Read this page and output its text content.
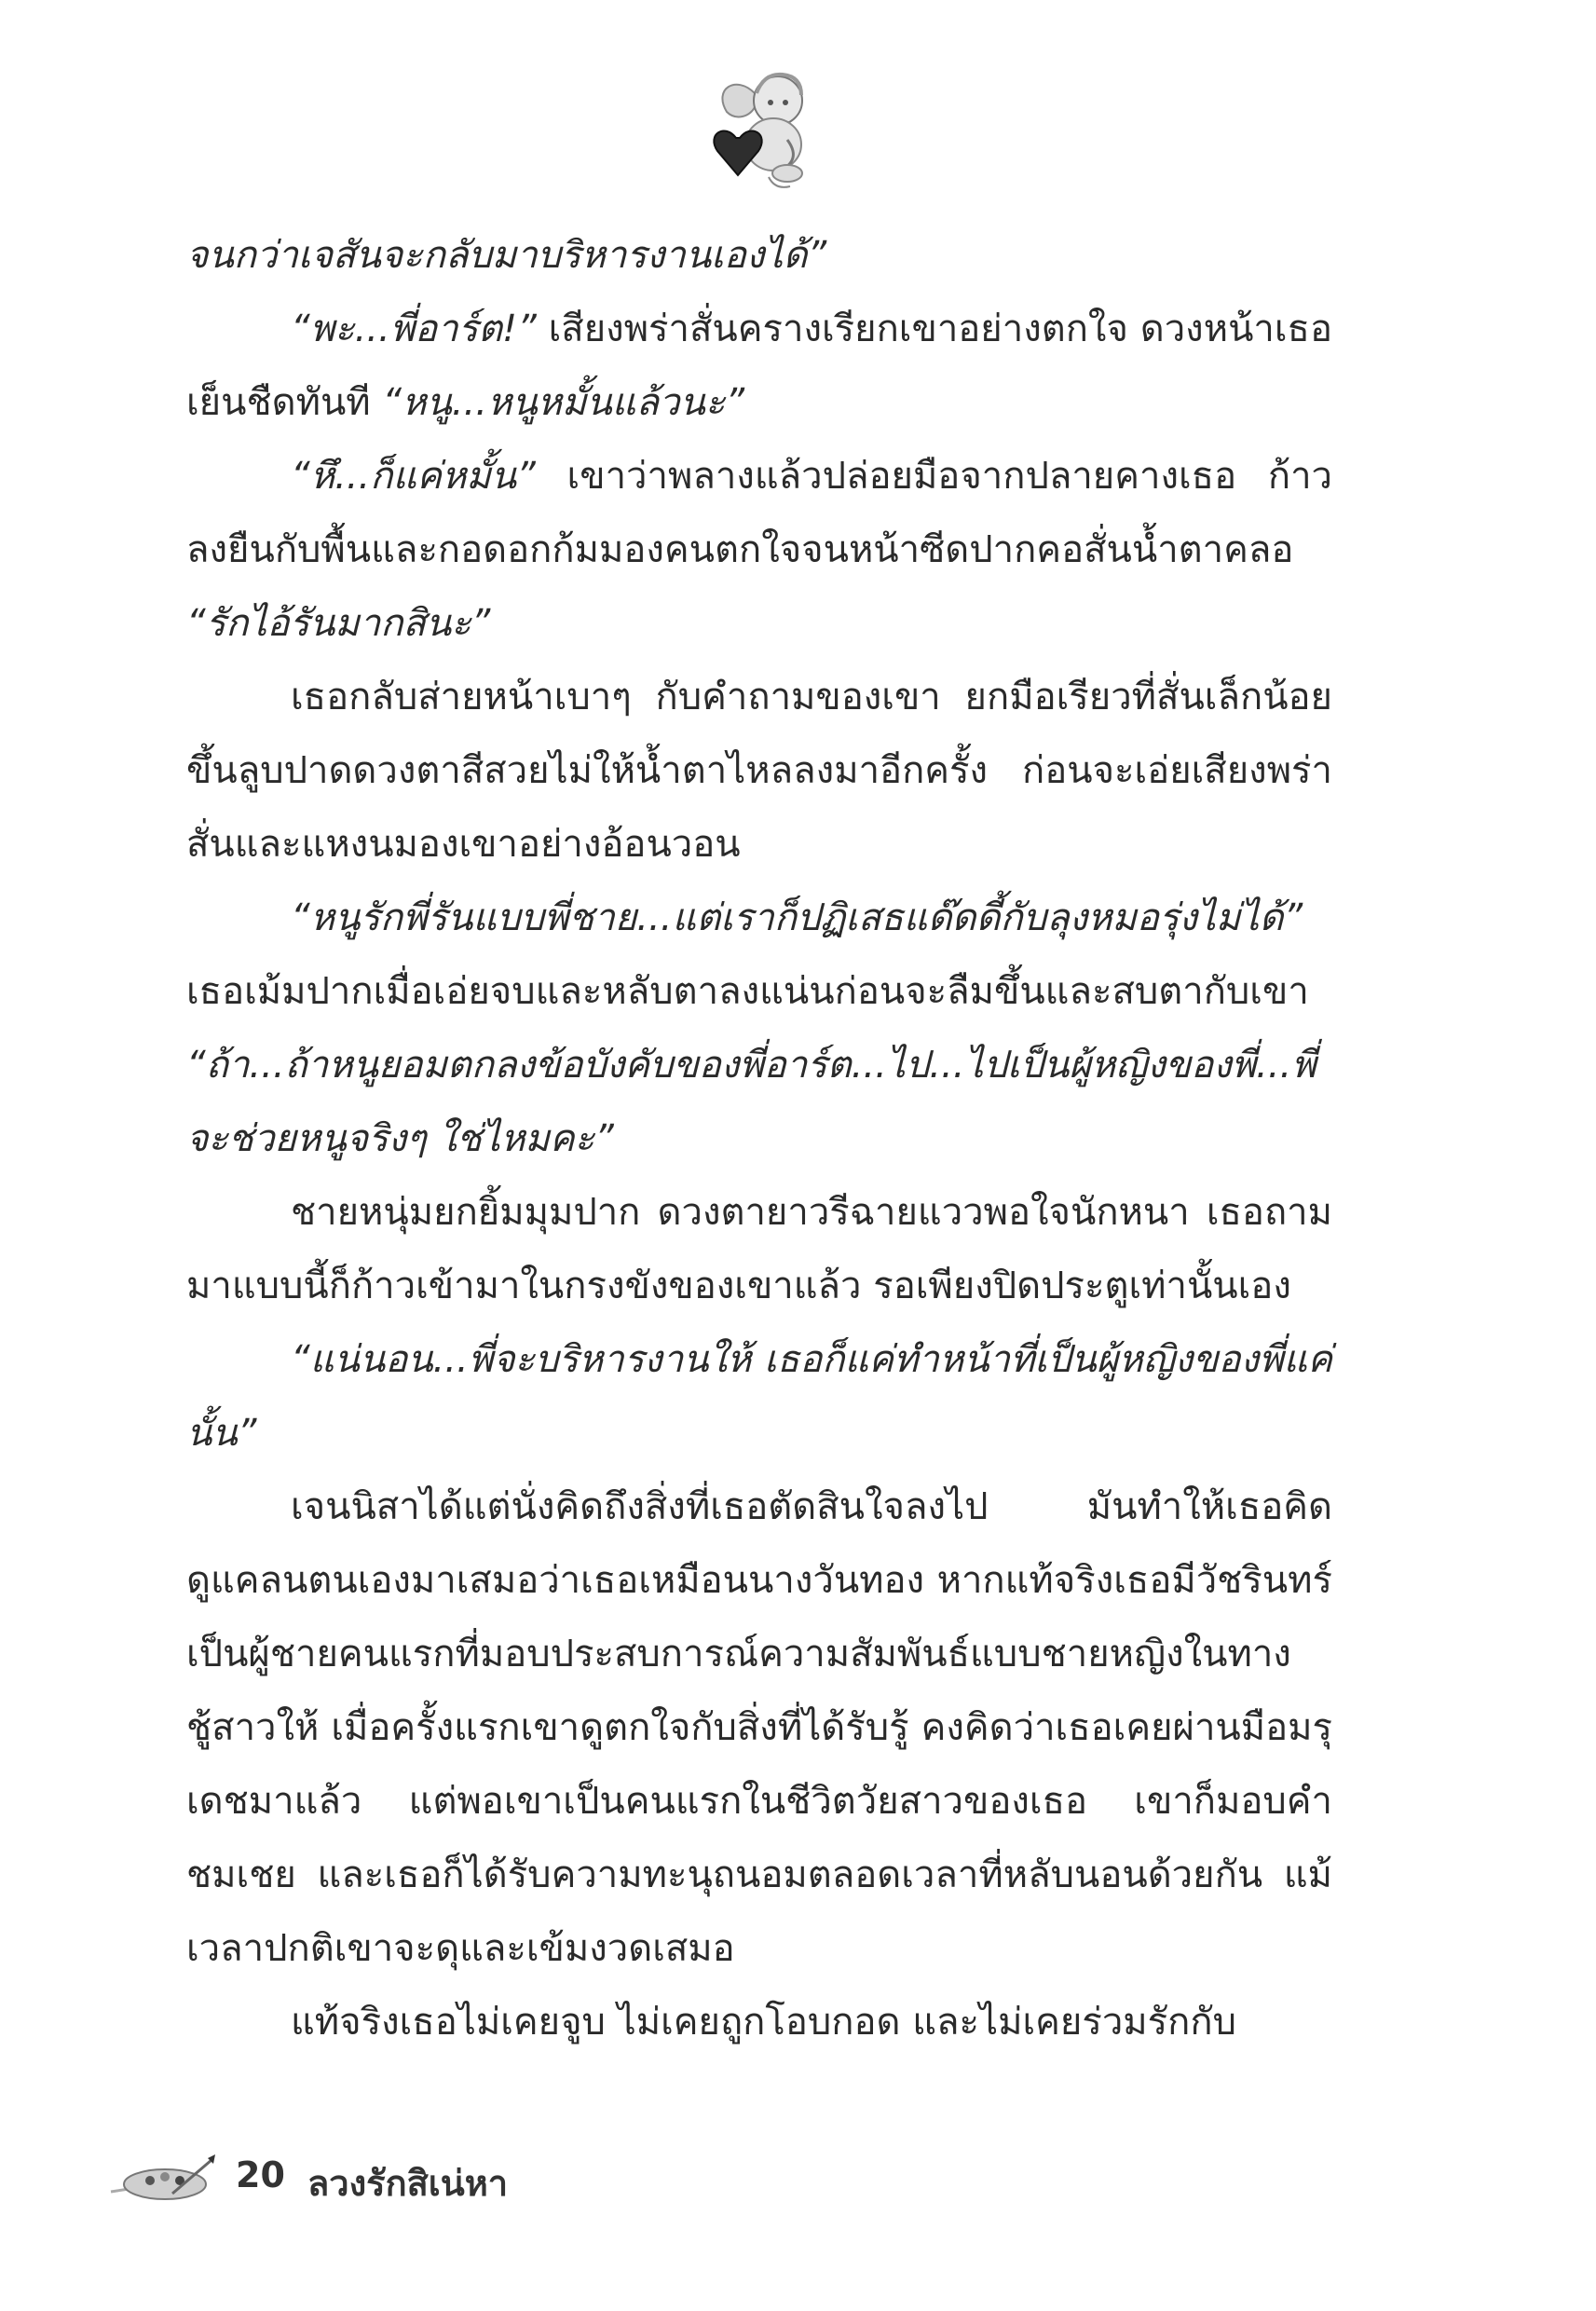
จนกว่าเจสันจะกลับมาบริหารงานเองได้”

“พะ...พี่อาร์ต!” เสียงพร่าสั่นครางเรียกเขาอย่างตกใจ ดวงหน้าเธอเย็นชืดทันที “หนู...หนูหมั้นแล้วนะ”

“หึ...ก็แค่หมั้น” เขาว่าพลางแล้วปล่อยมือจากปลายคางเธอ ก้าวลงยืนกับพื้นและกอดอกก้มมองคนตกใจจนหน้าซีดปากคอสั่นน้ำตาคลอ “รักไอ้รันมากสินะ”

เธอกลับส่ายหน้าเบาๆ กับคำถามของเขา ยกมือเรียวที่สั่นเล็กน้อยขึ้นลูบปาดดวงตาสีสวยไม่ให้น้ำตาไหลลงมาอีกครั้ง ก่อนจะเอ่ยเสียงพร่าสั่นและแหงนมองเขาอย่างอ้อนวอน

“หนูรักพี่รันแบบพี่ชาย...แต่เราก็ปฏิเสธแด๊ดดี้กับลุงหมอรุ่งไม่ได้”

เธอเม้มปากเมื่อเอ่ยจบและหลับตาลงแน่นก่อนจะลืมขึ้นและสบตากับเขา “ถ้า...ถ้าหนูยอมตกลงข้อบังคับของพี่อาร์ต...ไป...ไปเป็นผู้หญิงของพี่...พี่จะช่วยหนูจริงๆ ใช่ไหมคะ”

ชายหนุ่มยกยิ้มมุมปาก ดวงตายาวรีฉายแววพอใจนักหนา เธอถามมาแบบนี้ก็ก้าวเข้ามาในกรงขังของเขาแล้ว รอเพียงปิดประตูเท่านั้นเอง

“แน่นอน...พี่จะบริหารงานให้ เธอก็แค่ทำหน้าที่เป็นผู้หญิงของพี่แค่นั้น”

เจนนิสาได้แต่นั่งคิดถึงสิ่งที่เธอตัดสินใจลงไป มันทำให้เธอคิดดูแคลนตนเองมาเสมอว่าเธอเหมือนนางวันทอง หากแท้จริงเธอมีวัชรินทร์เป็นผู้ชายคนแรกที่มอบประสบการณ์ความสัมพันธ์แบบชายหญิงในทางชู้สาวให้ เมื่อครั้งแรกเขาดูตกใจกับสิ่งที่ได้รับรู้ คงคิดว่าเธอเคยผ่านมือมรุเดชมาแล้ว แต่พอเขาเป็นคนแรกในชีวิตวัยสาวของเธอ เขาก็มอบคำชมเชย และเธอก็ได้รับความทะนุถนอมตลอดเวลาที่หลับนอนด้วยกัน แม้เวลาปกติเขาจะดุและเข้มงวดเสมอ

แท้จริงเธอไม่เคยจูบ ไม่เคยถูกโอบกอด และไม่เคยร่วมรักกับ

20 ลวงรักสิเน่หา
